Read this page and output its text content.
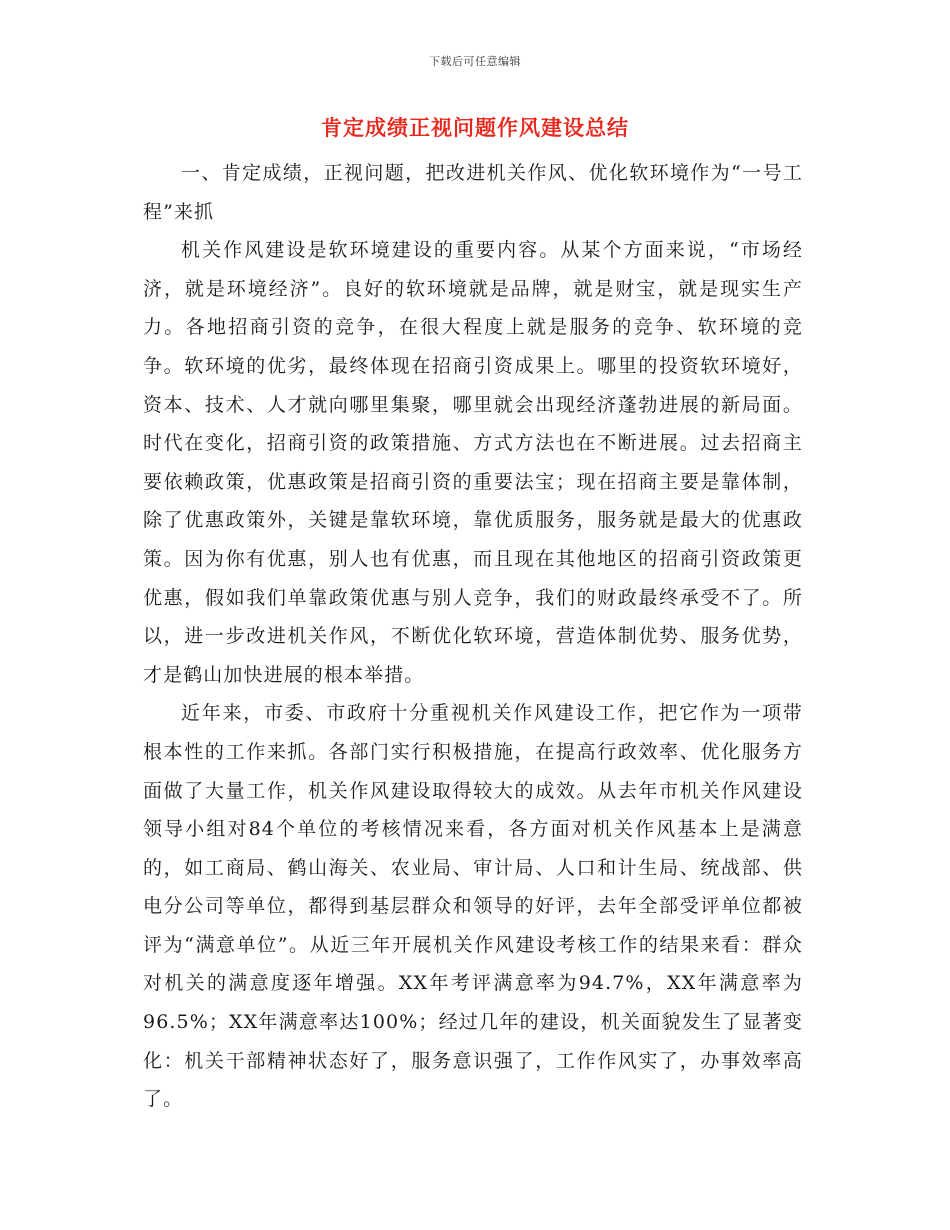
下载后可任意编辑
肯定成绩正视问题作风建设总结

一、肯定成绩，正视问题，把改进机关作风、优化软环境作为“一号工程”来抓

机关作风建设是软环境建设的重要内容。从某个方面来说，“市场经济，就是环境经济”。良好的软环境就是品牌，就是财宝，就是现实生产力。各地招商引资的竞争，在很大程度上就是服务的竞争、软环境的竞争。软环境的优劣，最终体现在招商引资成果上。哪里的投资软环境好，资本、技术、人才就向哪里集聚，哪里就会出现经济蓬勃进展的新局面。时代在变化，招商引资的政策措施、方式方法也在不断进展。过去招商主要依赖政策，优惠政策是招商引资的重要法宝；现在招商主要是靠体制，除了优惠政策外，关键是靠软环境，靠优质服务，服务就是最大的优惠政策。因为你有优惠，别人也有优惠，而且现在其他地区的招商引资政策更优惠，假如我们单靠政策优惠与别人竞争，我们的财政最终承受不了。所以，进一步改进机关作风，不断优化软环境，营造体制优势、服务优势，才是鹤山加快进展的根本举措。

近年来，市委、市政府十分重视机关作风建设工作，把它作为一项带根本性的工作来抓。各部门实行积极措施，在提高行政效率、优化服务方面做了大量工作，机关作风建设取得较大的成效。从去年市机关作风建设领导小组对84个单位的考核情况来看，各方面对机关作风基本上是满意的，如工商局、鹤山海关、农业局、审计局、人口和计生局、统战部、供电分公司等单位，都得到基层群众和领导的好评，去年全部受评单位都被评为“满意单位”。从近三年开展机关作风建设考核工作的结果来看：群众对机关的满意度逐年增强。XX年考评满意率为94.7%，XX年满意率为96.5%；XX年满意率达100%；经过几年的建设，机关面貌发生了显著变化：机关干部精神状态好了，服务意识强了，工作作风实了，办事效率高了。
